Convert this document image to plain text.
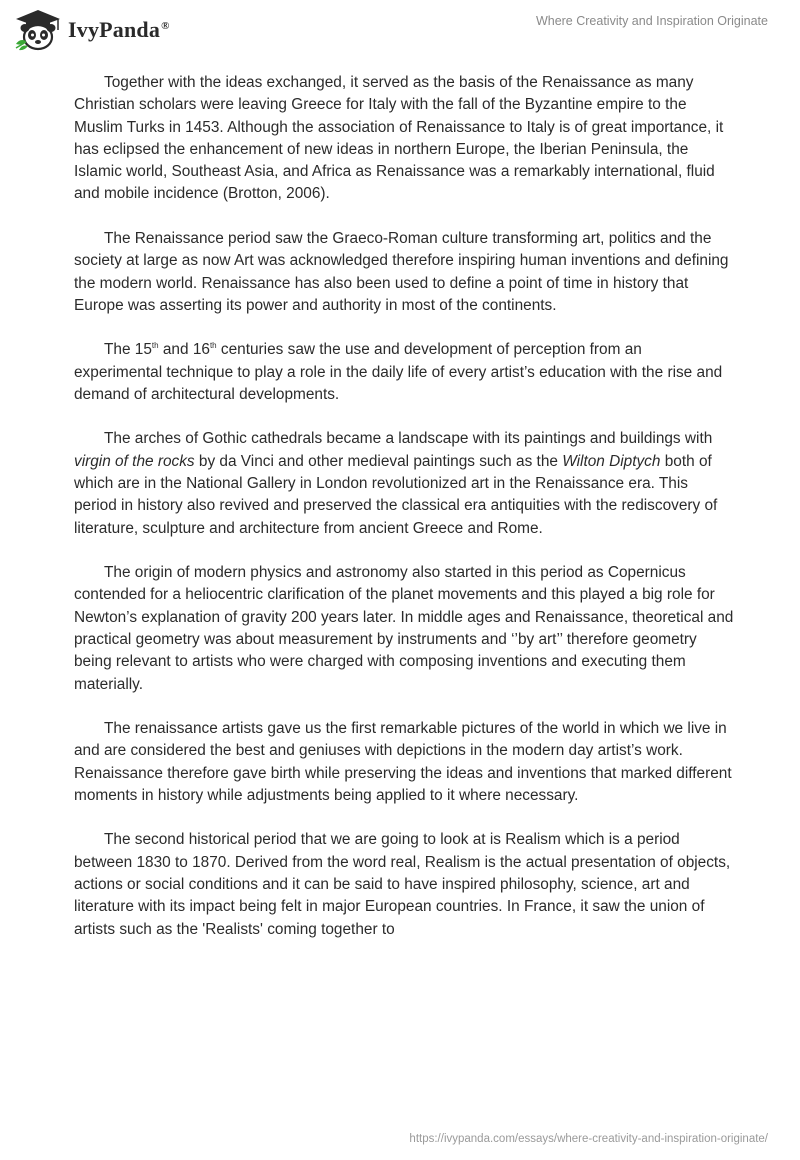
IvyPanda®	Where Creativity and Inspiration Originate

Together with the ideas exchanged, it served as the basis of the Renaissance as many Christian scholars were leaving Greece for Italy with the fall of the Byzantine empire to the Muslim Turks in 1453. Although the association of Renaissance to Italy is of great importance, it has eclipsed the enhancement of new ideas in northern Europe, the Iberian Peninsula, the Islamic world, Southeast Asia, and Africa as Renaissance was a remarkably international, fluid and mobile incidence (Brotton, 2006).

The Renaissance period saw the Graeco-Roman culture transforming art, politics and the society at large as now Art was acknowledged therefore inspiring human inventions and defining the modern world. Renaissance has also been used to define a point of time in history that Europe was asserting its power and authority in most of the continents.

The 15th and 16th centuries saw the use and development of perception from an experimental technique to play a role in the daily life of every artist’s education with the rise and demand of architectural developments.

The arches of Gothic cathedrals became a landscape with its paintings and buildings with virgin of the rocks by da Vinci and other medieval paintings such as the Wilton Diptych both of which are in the National Gallery in London revolutionized art in the Renaissance era. This period in history also revived and preserved the classical era antiquities with the rediscovery of literature, sculpture and architecture from ancient Greece and Rome.

The origin of modern physics and astronomy also started in this period as Copernicus contended for a heliocentric clarification of the planet movements and this played a big role for Newton’s explanation of gravity 200 years later. In middle ages and Renaissance, theoretical and practical geometry was about measurement by instruments and ‘’by art’’ therefore geometry being relevant to artists who were charged with composing inventions and executing them materially.

The renaissance artists gave us the first remarkable pictures of the world in which we live in and are considered the best and geniuses with depictions in the modern day artist’s work. Renaissance therefore gave birth while preserving the ideas and inventions that marked different moments in history while adjustments being applied to it where necessary.

The second historical period that we are going to look at is Realism which is a period between 1830 to 1870. Derived from the word real, Realism is the actual presentation of objects, actions or social conditions and it can be said to have inspired philosophy, science, art and literature with its impact being felt in major European countries. In France, it saw the union of artists such as the 'Realists' coming together to

https://ivypanda.com/essays/where-creativity-and-inspiration-originate/
